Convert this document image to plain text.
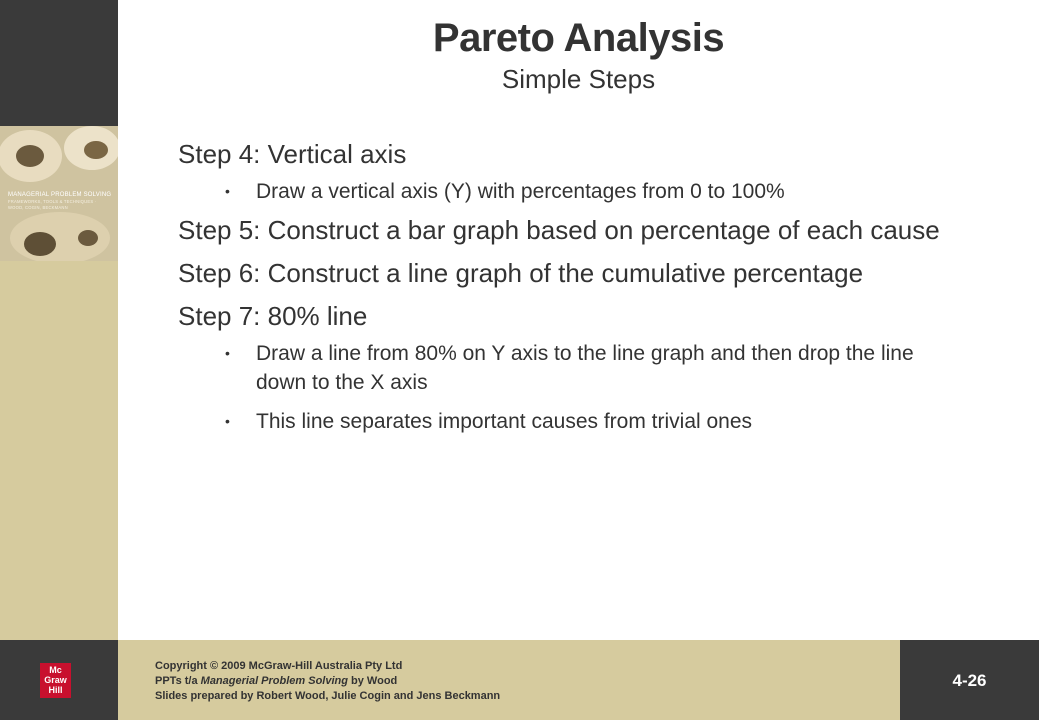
MANAGERIAL PROBLEM SOLVING
FRAMEWORKS, TOOLS & TECHNIQUES · WOOD, COGIN, BECKMANN
Pareto Analysis
Simple Steps
Step 4: Vertical axis
• Draw a vertical axis (Y) with percentages from 0 to 100%
Step 5: Construct a bar graph based on percentage of each cause
Step 6: Construct a line graph of the cumulative percentage
Step 7: 80% line
• Draw a line from 80% on Y axis to the line graph and then drop the line down to the X axis
• This line separates important causes from trivial ones
Mc
Graw
Hill
Copyright © 2009 McGraw-Hill Australia Pty Ltd
PPTs t/a Managerial Problem Solving by Wood
Slides prepared by Robert Wood, Julie Cogin and Jens Beckmann
4-26
